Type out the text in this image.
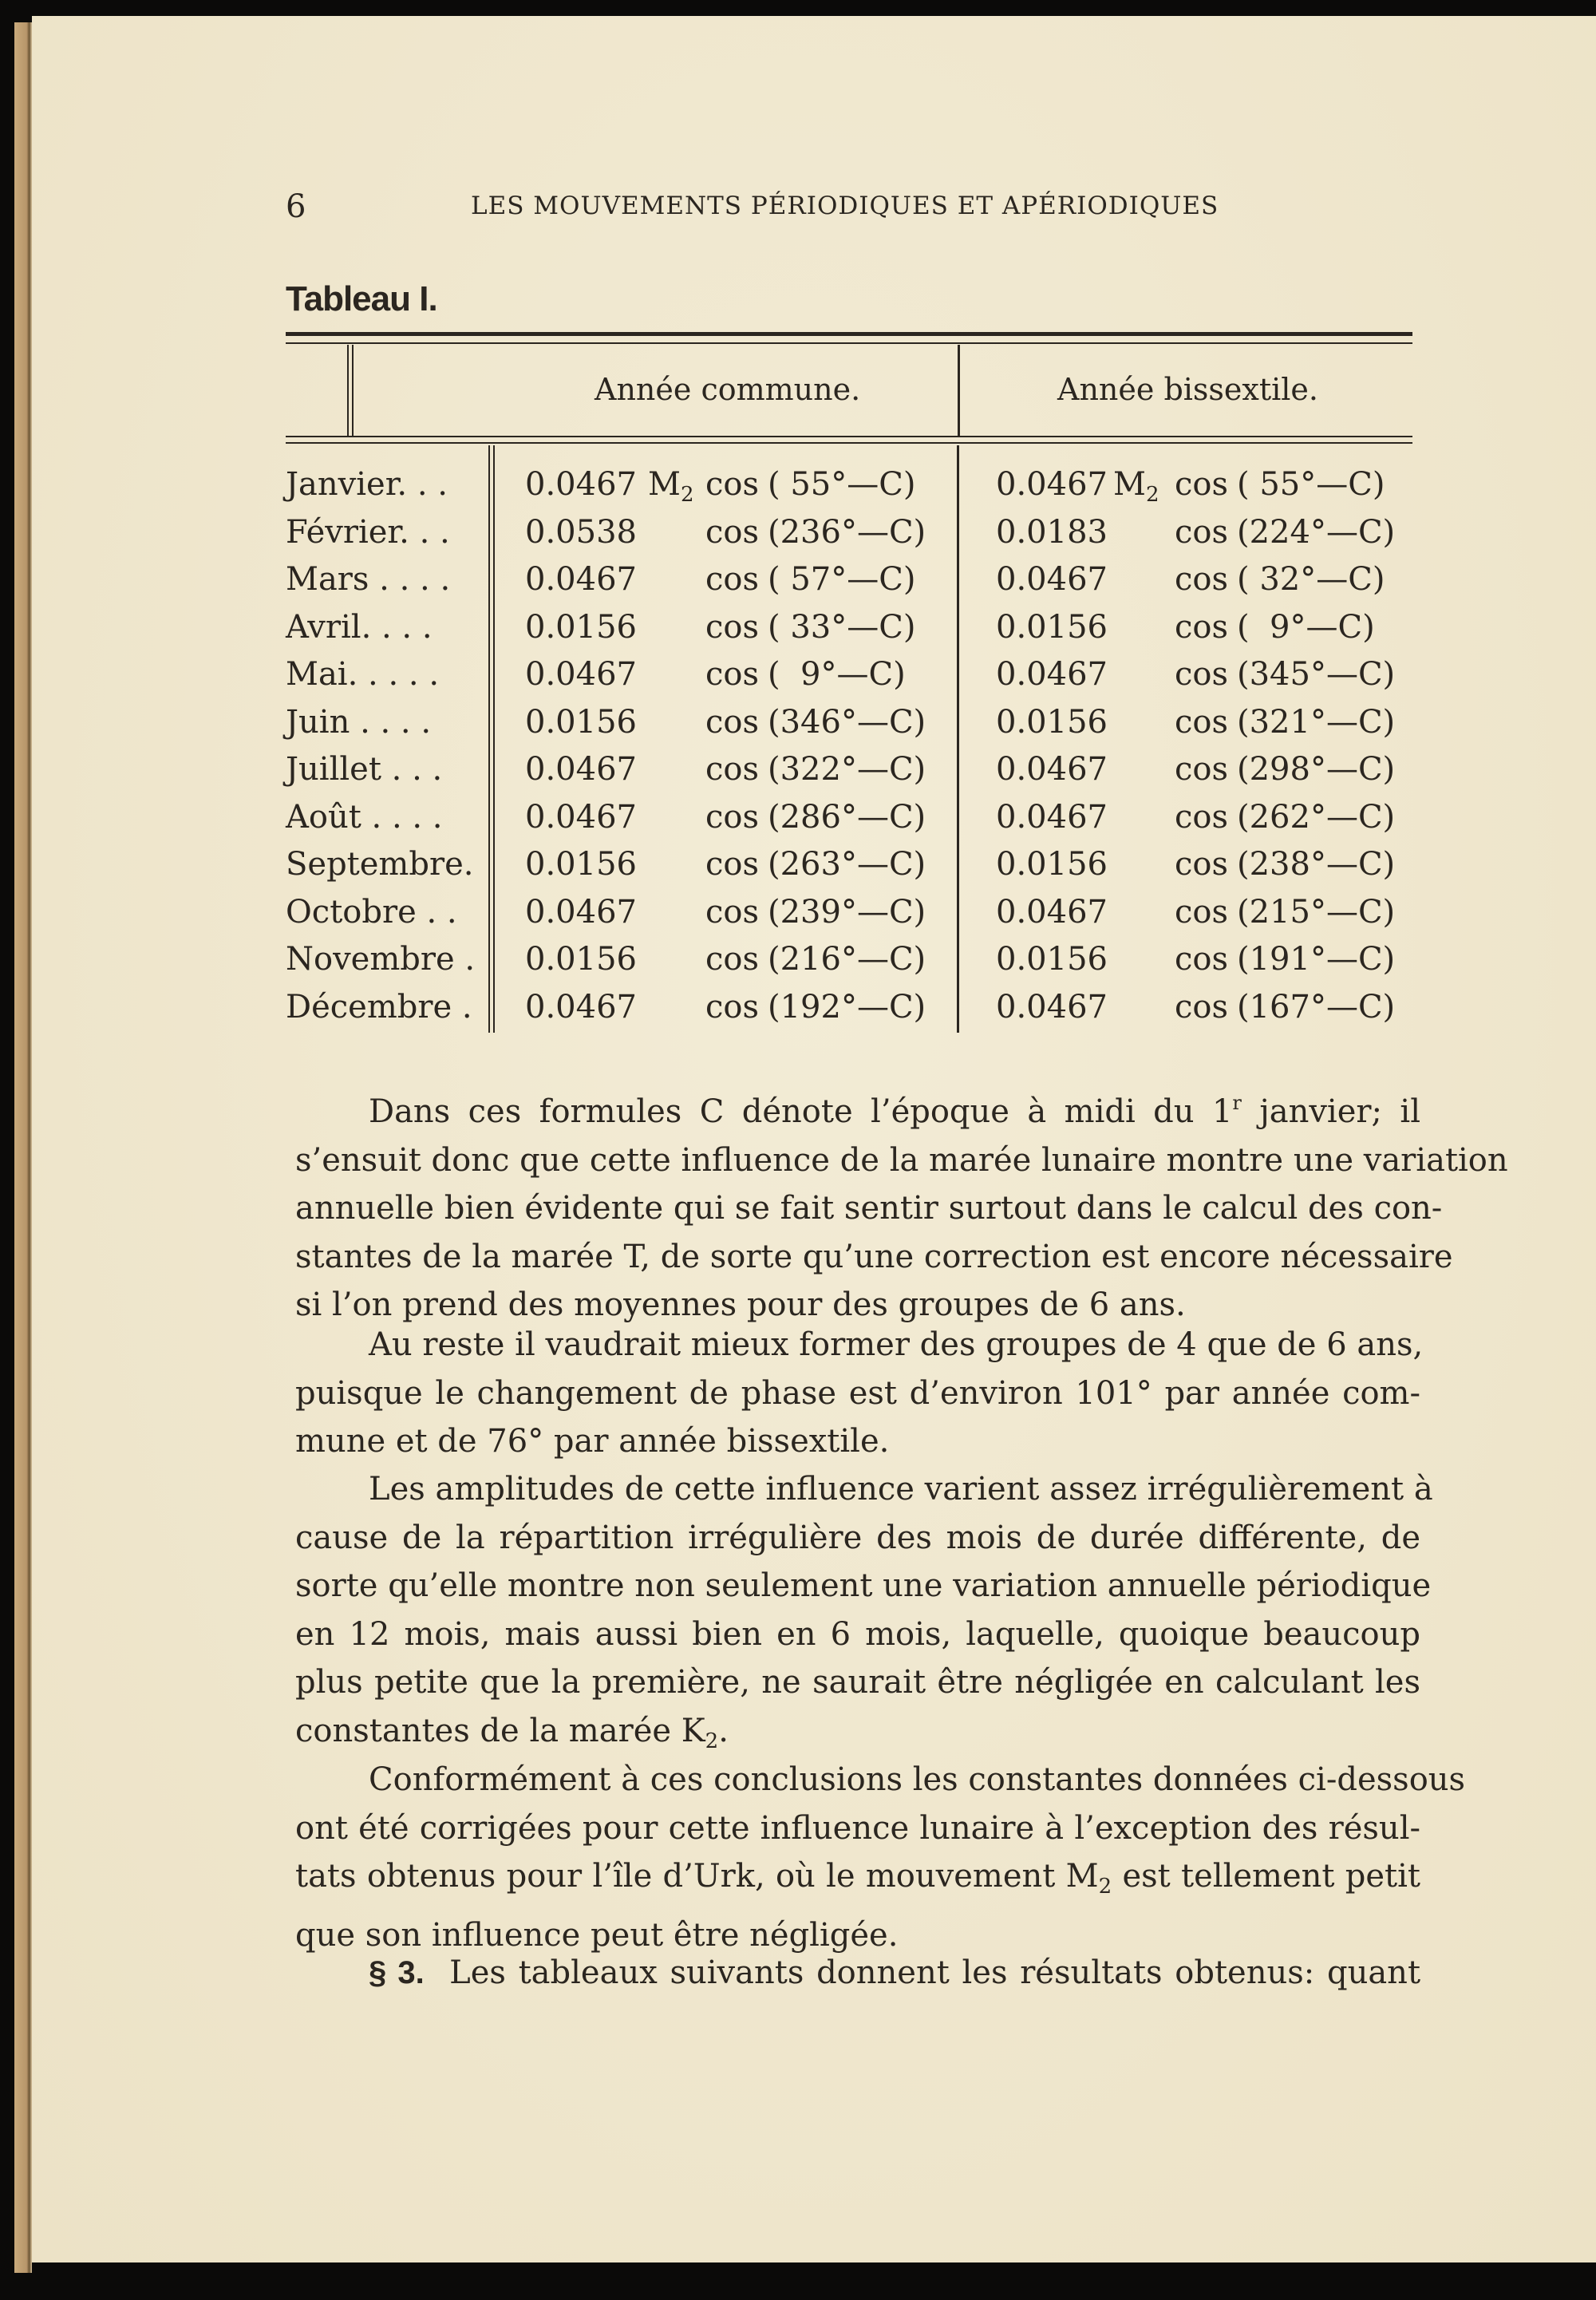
6	LES MOUVEMENTS PÉRIODIQUES ET APÉRIODIQUES
Tableau I.
Année commune.	Année bissextile.
Janvier. . . 0.0467 $M_2$ cos ( 55°—C)	0.0467 $M_2$ cos ( 55°—C)
Février. . . 0.0538 cos (236°—C) 0.0183 cos (224°—C)
Mars . . . . 0.0467 cos ( 57°—C)	0.0467 cos ( 32°—C)
Avril. . . .	0.0156 cos ( 33°—C)	0.0156 cos (  9°—C)
Mai. . . . .	0.0467 cos (  9°—C)	0.0467 cos (345°—C)
Juin . . . .	0.0156 cos (346°—C) 0.0156 cos (321°—C)
Juillet . . .	0.0467 cos (322°—C) 0.0467 cos (298°—C)
Août . . . .	0.0467 cos (286°—C) 0.0467 cos (262°—C)
Septembre. 0.0156 cos (263°—C) 0.0156 cos (238°—C)
Octobre . . 0.0467 cos (239°—C) 0.0467 cos (215°—C)
Novembre . 0.0156 cos (216°—C) 0.0156 cos (191°—C)
Décembre . 0.0467 cos (192°—C) 0.0467 cos (167°—C)
Dans ces formules C dénote l’époque à midi du 1$^r$ janvier; il
s’ensuit donc que cette influence de la marée lunaire montre une variation
annuelle bien évidente qui se fait sentir surtout dans le calcul des con-
stantes de la marée T, de sorte qu’une correction est encore nécessaire
si l’on prend des moyennes pour des groupes de 6 ans.
Au reste il vaudrait mieux former des groupes de 4 que de 6 ans,
puisque le changement de phase est d’environ 101° par année com-
mune et de 76° par année bissextile.
Les amplitudes de cette influence varient assez irrégulièrement à
cause de la répartition irrégulière des mois de durée différente, de
sorte qu’elle montre non seulement une variation annuelle périodique
en 12 mois, mais aussi bien en 6 mois, laquelle, quoique beaucoup
plus petite que la première, ne saurait être négligée en calculant les
constantes de la marée $K_2$.
Conformément à ces conclusions les constantes données ci-dessous
ont été corrigées pour cette influence lunaire à l’exception des résul-
tats obtenus pour l’île d’Urk, où le mouvement $M_2$ est tellement petit
que son influence peut être négligée.
§ 3. Les tableaux suivants donnent les résultats obtenus: quant
